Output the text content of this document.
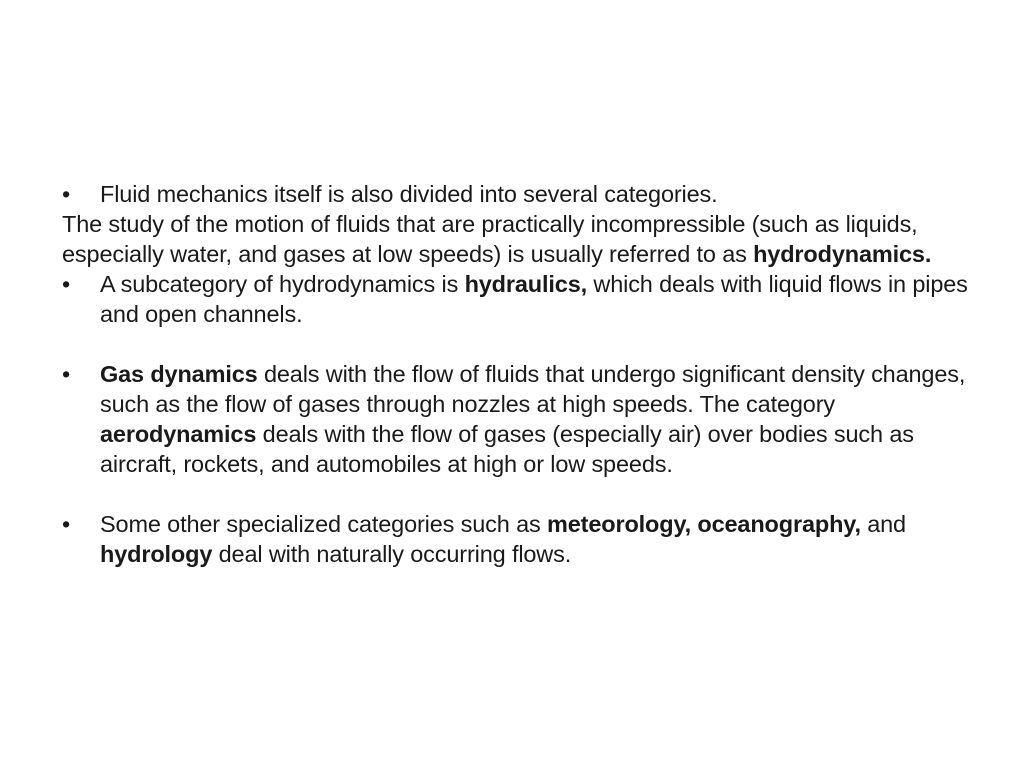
•	Fluid mechanics itself is also divided into several categories.

The study of the motion of fluids that are practically incompressible (such as liquids, especially water, and gases at low speeds) is usually referred to as hydrodynamics.

•	A subcategory of hydrodynamics is hydraulics, which deals with liquid flows in pipes and open channels.

•	Gas dynamics deals with the flow of fluids that undergo significant density changes, such as the flow of gases through nozzles at high speeds. The category aerodynamics deals with the flow of gases (especially air) over bodies such as aircraft, rockets, and automobiles at high or low speeds.

•	Some other specialized categories such as meteorology, oceanography, and hydrology deal with naturally occurring flows.
